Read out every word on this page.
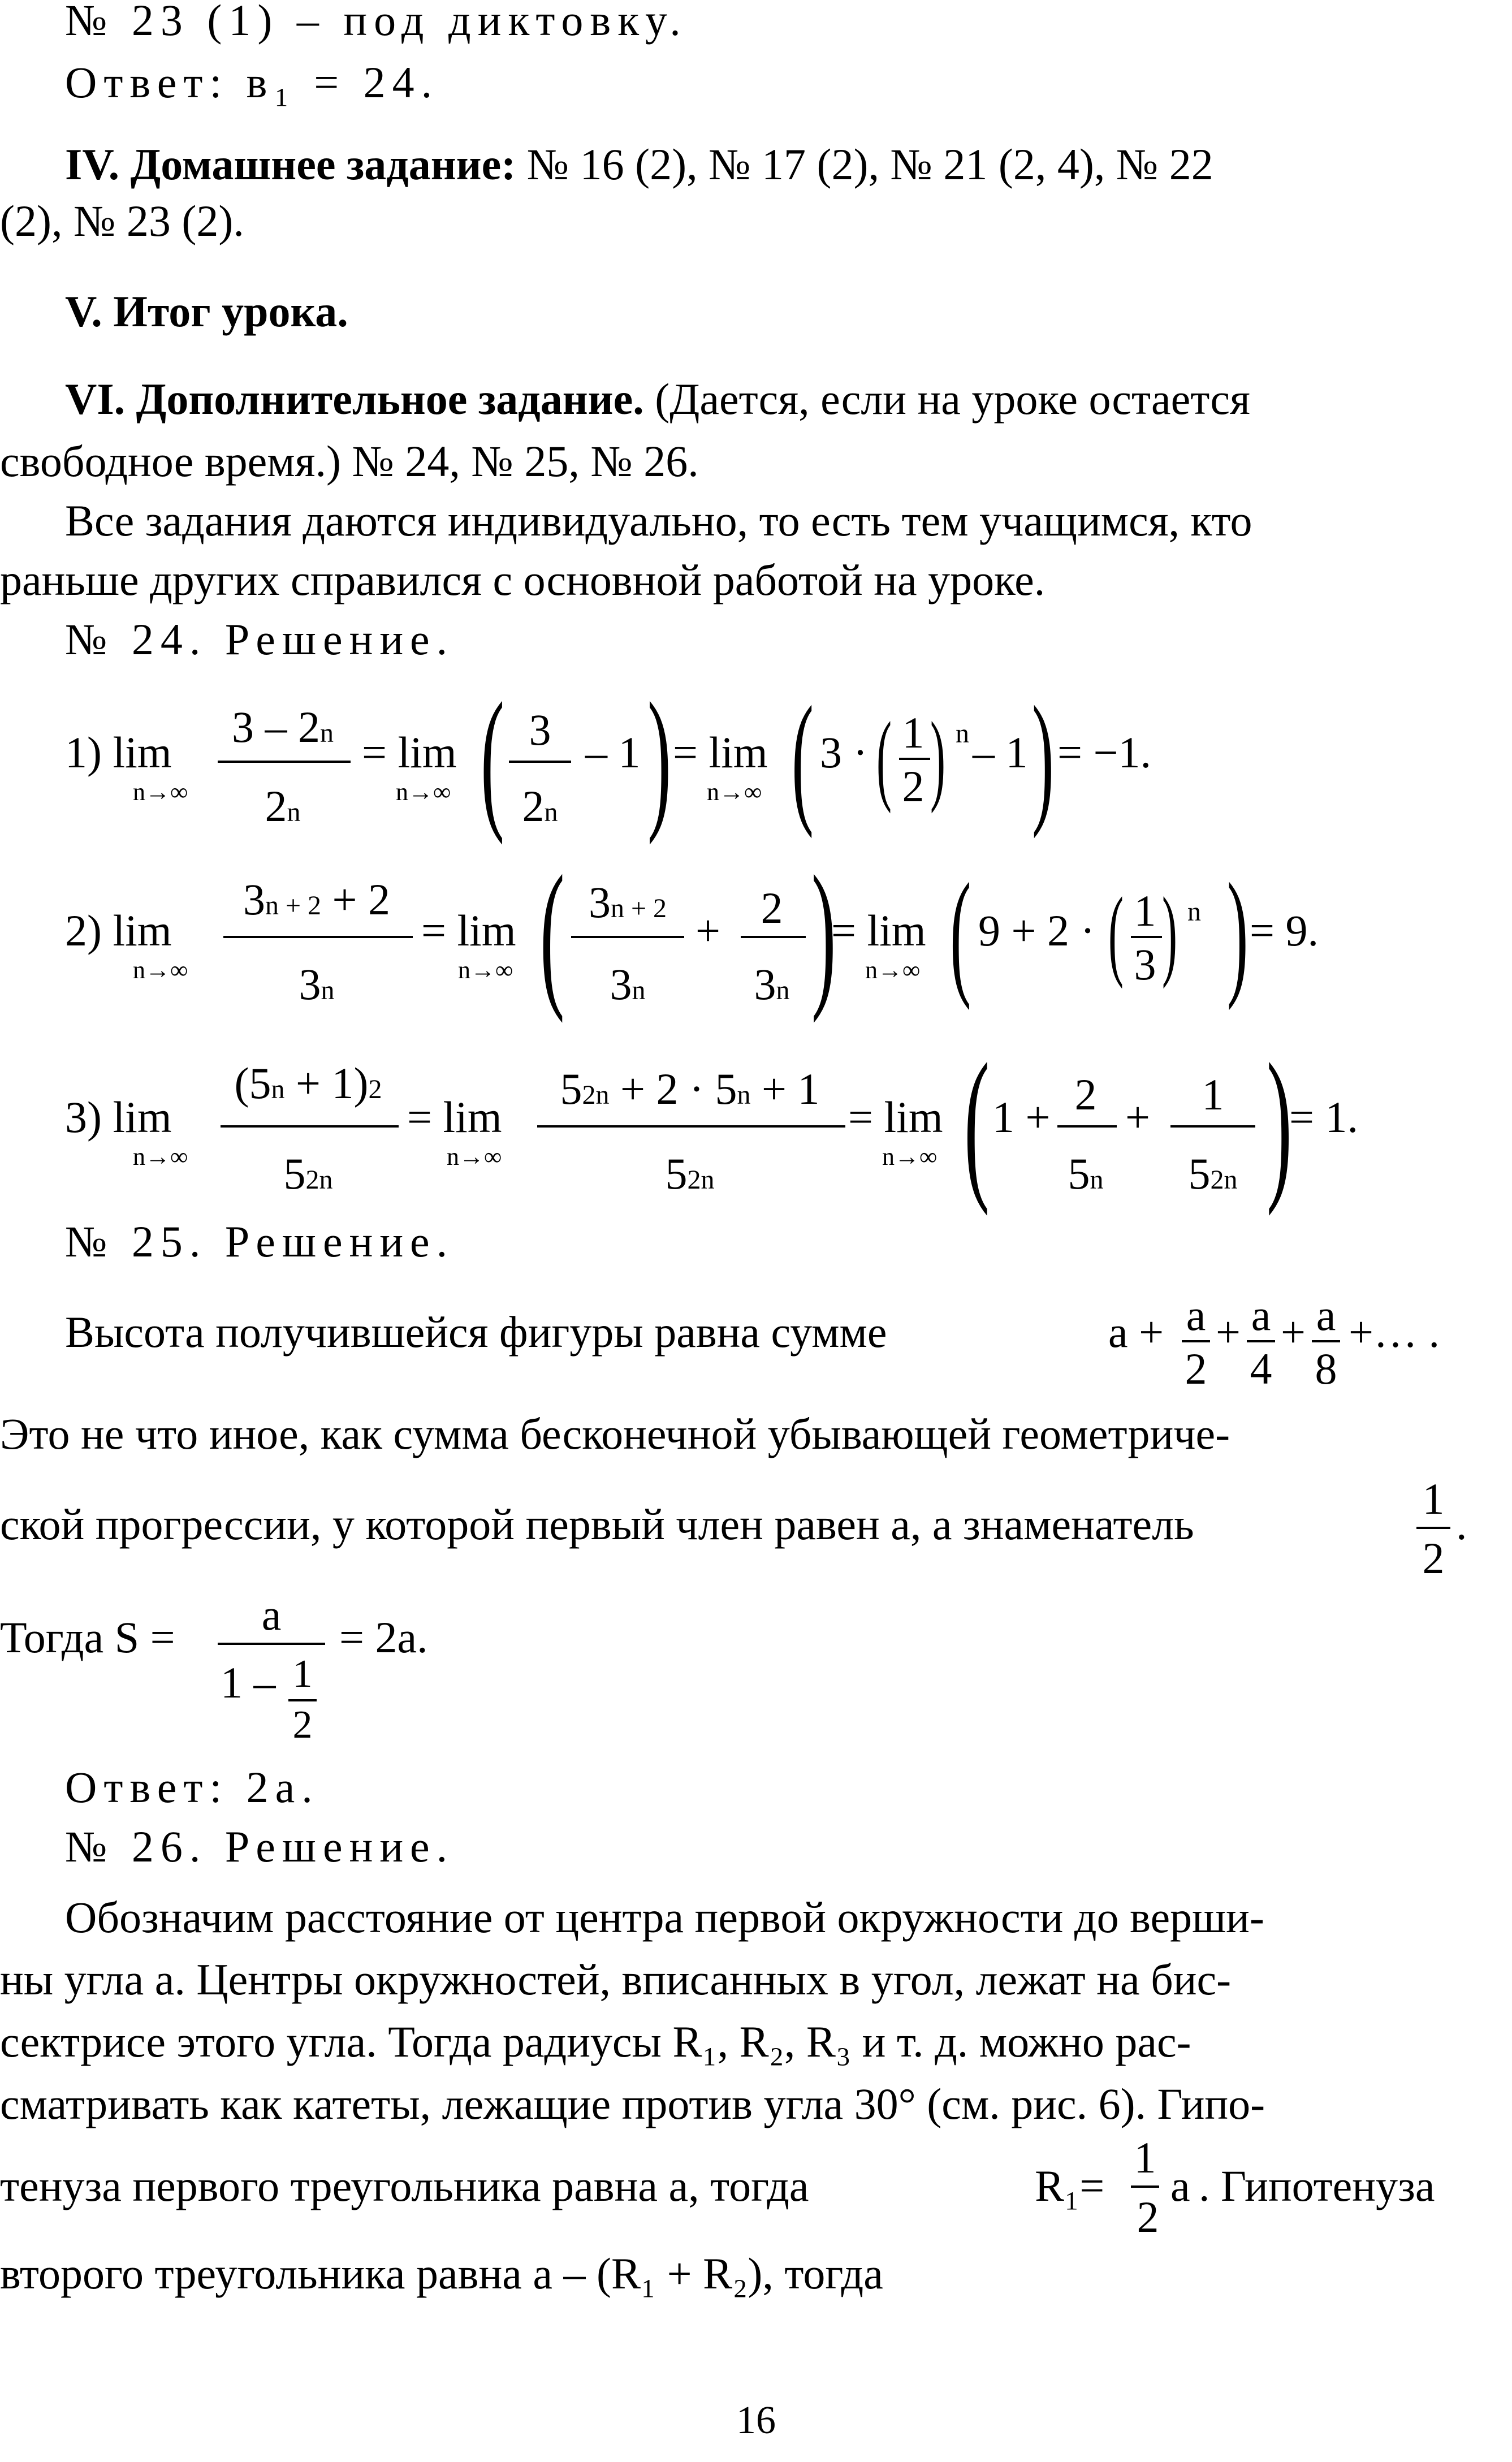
№ 23 (1) – под диктовку.
Ответ: в₁ = 24.
IV. Домашнее задание: № 16 (2), № 17 (2), № 21 (2, 4), № 22
(2), № 23 (2).
V. Итог урока.
VI. Дополнительное задание. (Дается, если на уроке остается
свободное время.) № 24, № 25, № 26.
Все задания даются индивидуально, то есть тем учащимся, кто
раньше других справился с основной работой на уроке.
№ 24. Решение.
1) lim
n→∞
3 – 2n
2n
= lim
n→∞ ( 3
2n
– 1 ) = lim
n→∞ ( 3 · ( 1
2 ) n – 1 ) = −1.
2) lim
n→∞
3n + 2 + 2
3n
= lim
n→∞ ( 3n + 2
3n
+ 2
3n )
= lim
n→∞ ( 9 + 2 · ( 1
3 ) n ) = 9.
3) lim
n→∞
(5n + 1)2
52n
= lim
n→∞
52n + 2 · 5n + 1
52n
= lim
n→∞ ( 1 + 2
5n
+	1
52n )
= 1.
№ 25. Решение.
Высота получившейся фигуры равна сумме	а + а
2
+ а
4
+ а
8
+… .
Это не что иное, как сумма бесконечной убывающей геометриче-
ской прогрессии, у которой первый член равен а, а знаменатель
1
2
.
Тогда S =	а
1 – 1
2
= 2а.
Ответ: 2а.
№ 26. Решение.
Обозначим расстояние от центра первой окружности до верши-
ны угла а. Центры окружностей, вписанных в угол, лежат на бис-
сектрисе этого угла. Тогда радиусы R₁, R₂, R₃ и т. д. можно рас-
сматривать как катеты, лежащие против угла 30° (см. рис. 6). Гипо-
тенуза первого треугольника равна а, тогда	R₁=
1
2
а . Гипотенуза
второго треугольника равна а – (R₁ + R₂), тогда
16
